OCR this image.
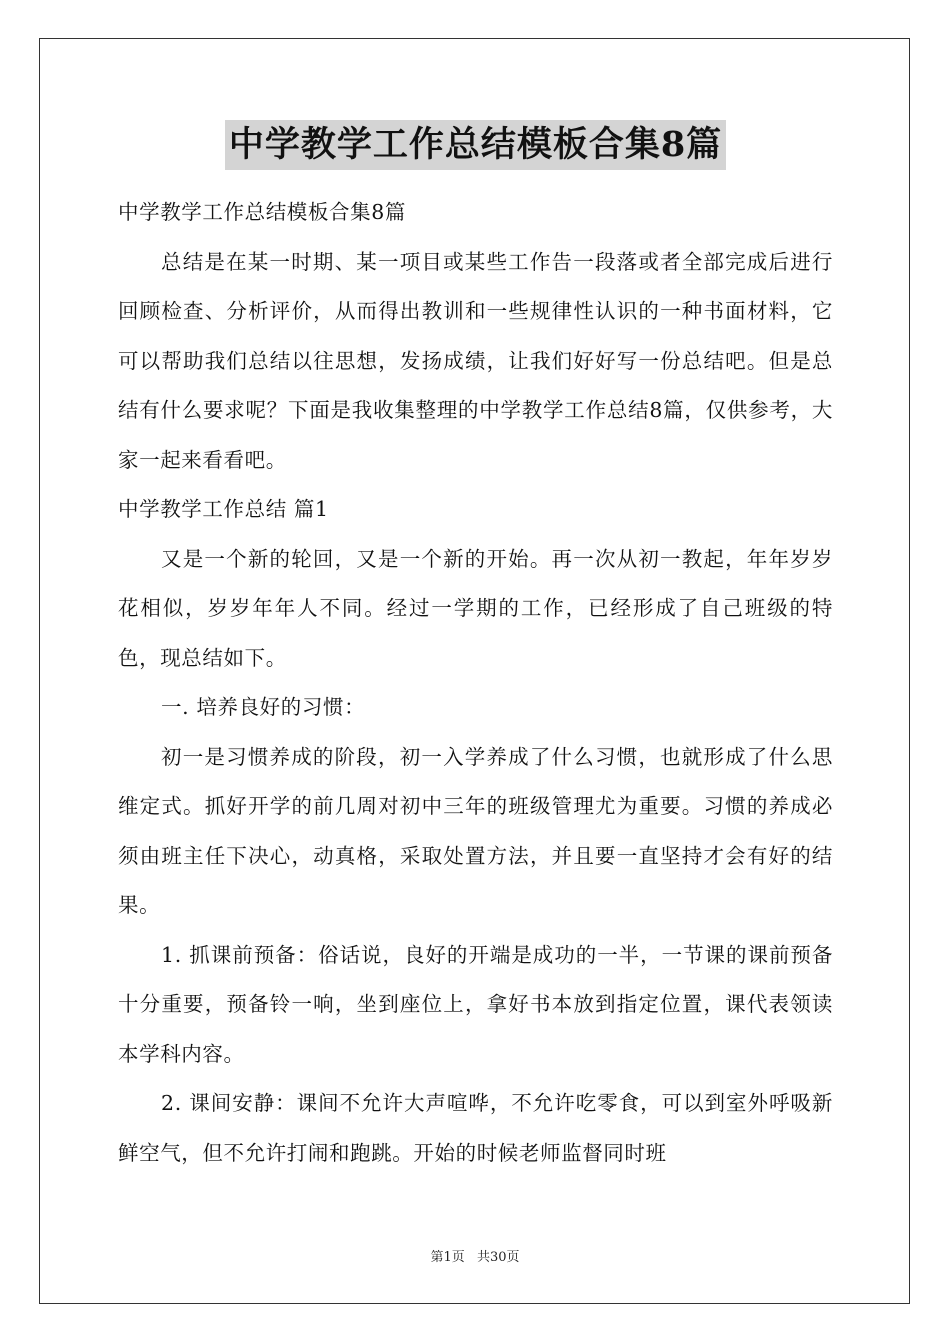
中学教学工作总结模板合集8篇

中学教学工作总结模板合集8篇

总结是在某一时期、某一项目或某些工作告一段落或者全部完成后进行回顾检查、分析评价，从而得出教训和一些规律性认识的一种书面材料，它可以帮助我们总结以往思想，发扬成绩，让我们好好写一份总结吧。但是总结有什么要求呢？下面是我收集整理的中学教学工作总结8篇，仅供参考，大家一起来看看吧。

中学教学工作总结 篇1

又是一个新的轮回，又是一个新的开始。再一次从初一教起，年年岁岁花相似，岁岁年年人不同。经过一学期的工作，已经形成了自己班级的特色，现总结如下。

一. 培养良好的习惯：

初一是习惯养成的阶段，初一入学养成了什么习惯，也就形成了什么思维定式。抓好开学的前几周对初中三年的班级管理尤为重要。习惯的养成必须由班主任下决心，动真格，采取处置方法，并且要一直坚持才会有好的结果。

1. 抓课前预备：俗话说，良好的开端是成功的一半，一节课的课前预备十分重要，预备铃一响，坐到座位上，拿好书本放到指定位置，课代表领读本学科内容。

2. 课间安静：课间不允许大声喧哗，不允许吃零食，可以到室外呼吸新鲜空气，但不允许打闹和跑跳。开始的时候老师监督同时班

第1页 共30页
